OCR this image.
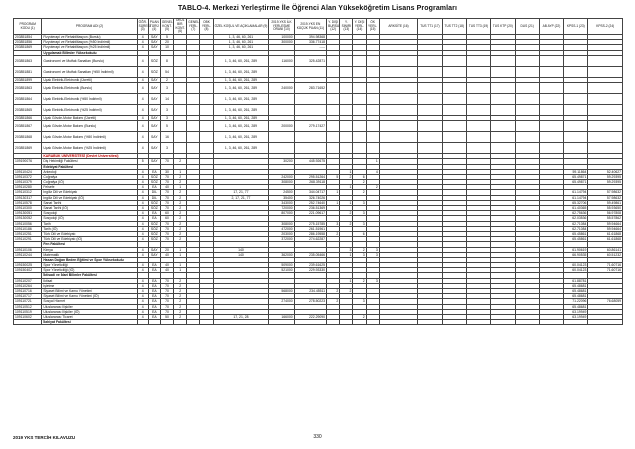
TABLO-4. Merkezi Yerleştirme İle Öğrenci Alan Yükseköğretim Lisans Programları
PROGRAM KODU (1)	PROGRAM ADI (2)	ÖĞR. SÜRESİ (3)	PUAN TÜRÜ (4)	GENEL KONT. (5)	OKUL BİR. KONT. (6)	GENEL YERL. (7)	OBK YERL. (8)	ÖZEL KOŞUL VE AÇIKLAMALAR (9)	2019-YKS İLK YERLEŞME ORANI (10)	2019-YKS EN KÜÇÜK PUAN (11)	Y. DIŞI BURSU (12)	Y. SINIRI (13)	Y. DIŞI YERL. (14)	ÖK YERL. (15)	ARKSİTE (16)	TUS TT1 (17)	TUS TT2 (18)	TUS TT3 (19)	TUS KTP (20)	DUS (21)	AB AYP (22)	KPSS-1 (23)	KPSS-2 (24)
203851854	Fizyoterapi ve Rehabilitasyon (Burslu)	4	SAY	5				1, 3, 46, 60, 261	100000	394.98368													
203851856	Fizyoterapi ve Rehabilitasyon (%50 İndirimli)	4	SAY	20				1, 3, 46, 60, 261	300000	336.77418													
203851869	Fizyoterapi ve Rehabilitasyon (%25 İndirimli)	4	SAY	10				1, 3, 46, 60, 261		-----													
	Uygulamalı Bilimler Yüksekokulu																						
203851863	Gastronomi ve Mutfak Sanatları (Burslu)	4	SÖZ	8				1, 3, 46, 60, 261, 289	116000	325.42871													
203851881	Gastronomi ve Mutfak Sanatları (%50 İndirimli)	4	SÖZ	54				1, 3, 46, 60, 261, 289															
203851899	Uçak Elektrik-Elektronik (Ücretli)	4	SAY	2				1, 3, 46, 60, 261, 289															
203851863	Uçak Elektrik-Elektronik (Burslu)	4	SAY	3				1, 3, 46, 60, 261, 289	240000	283.71652													
203851864	Uçak Elektrik-Elektronik (%50 İndirimli)	4	SAY	14				1, 3, 46, 60, 261, 289															
203851865	Uçak Elektrik-Elektronik (%25 İndirimli)	4	SAY	3				1, 3, 46, 60, 261, 289															
203851866	Uçak Gövde-Motor Bakımı (Ücretli)	4	SAY	3				1, 3, 46, 60, 261, 289															
203851867	Uçak Gövde-Motor Bakımı (Burslu)	4	SAY	5				1, 3, 46, 60, 261, 289	200000	279.17427													
203851868	Uçak Gövde-Motor Bakımı (%50 İndirimli)	4	SAY	16				1, 3, 46, 60, 261, 289															
203851869	Uçak Gövde-Motor Bakımı (%25 İndirimli)	4	SAY	3				1, 3, 46, 60, 261, 289															
	KARABÜK ÜNİVERSİTESİ (Devlet Üniversitesi)																						
109190076	Diş Hekimliği Fakültesi	5	SAY	70	2				30200	445.92675				1									
	Edebiyat Fakültesi																						
109110424	Arkeoloji	4	EA	30	1							1		4								59.11864	52.40627
109110372	Coğrafya	4	SÖZ	70	2				242000	295.51264	5	2	6									65.49871	59.29395
109110379	Coğrafya (İÖ)	4	SÖZ	70	2				308000	268.39118			2									65.49871	59.29395
109110280	Felsefe	4	EA	40	1							1		2									
109110312	İngiliz Dili ve Edebiyatı	4	DİL	70	2			17, 21, 77	24500	344.04717	1		2									61.14794	57.98632
109130317	İngiliz Dili ve Edebiyatı (İÖ)	4	DİL	70	2			2, 17, 21, 77	35400	326.74026												61.14794	57.98632
109110578	Sanat Tarihi	4	SÖZ	70	2				343000	252.74640	1	1	3									65.32706	59.49861
109110300	Sanat Tarihi (İÖ)	4	SÖZ	70	2				720000	236.51369												61.40365	55.93650
109130051	Sosyoloji	4	EA	60	2				807000	221.09617		2	3									62.75636	56.97808
109130052	Sosyoloji (İÖ)	4	EA	60	2																	62.03536	55.57862
109110056	Tarih	4	SÖZ	70	2				308000	275.15785	3	2	3									62.71084	59.94664
109110186	Tarih (İÖ)	4	SÖZ	70	2				472000	261.51961												62.71084	59.94664
109110251	Türk Dili ve Edebiyatı	4	SÖZ	70	2				203000	286.19558	2		6									65.45861	61.61868
109110291	Türk Dili ve Edebiyatı (İÖ)	4	SÖZ	70	2				372000	274.62287												65.45861	61.61868
	Fen Fakültesi																						
109110106	Kimya	4	SAY	20	1			140				3	2	3								61.90619	60.86141
109110244	Matematik	4	SAY	40	1			140	362000	235.05466		1	3	3								66.90535	60.51232
	Hasan Doğan Beden Eğitimi ve Spor Yüksekokulu																						
109150025	Spor Yöneticiliği	4	EA	40	1				509000	239.61625												60.04123	71.60716
109150402	Spor Yöneticiliği (İÖ)	4	EA	40	1				521000	229.93330												60.04123	71.60716
	İktisadi ve İdari Bilimler Fakültesi																						
109110207	İktisat	4	EA	70	2							1	2	3								61.88781	
109110264	İşletme	4	EA	70	2																	65.48681	
109110716	Siyaset Bilimi ve Kamu Yönetimi	4	EA	70	2				568000	234.45511	2	2										65.48681	
109110717	Siyaset Bilimi ve Kamu Yönetimi (İÖ)	4	EA	70	2																	65.48681	
109110721	Sosyal Hizmet	4	EA	70	2				274000	278.50223	2		3									71.22096	76.68059
109110512	Uluslararası İlişkiler	4	EA	70	2																	65.48681	
109110519	Uluslararası İlişkiler (İÖ)	4	EA	70	2																	63.19949	
109110602	Uluslararası Ticaret	4	EA	50	2			17, 21, 28	166000	222.29090			2									63.19949	
	İlahiyat Fakültesi																						
2019 YKS TERCİH KILAVUZU	330
